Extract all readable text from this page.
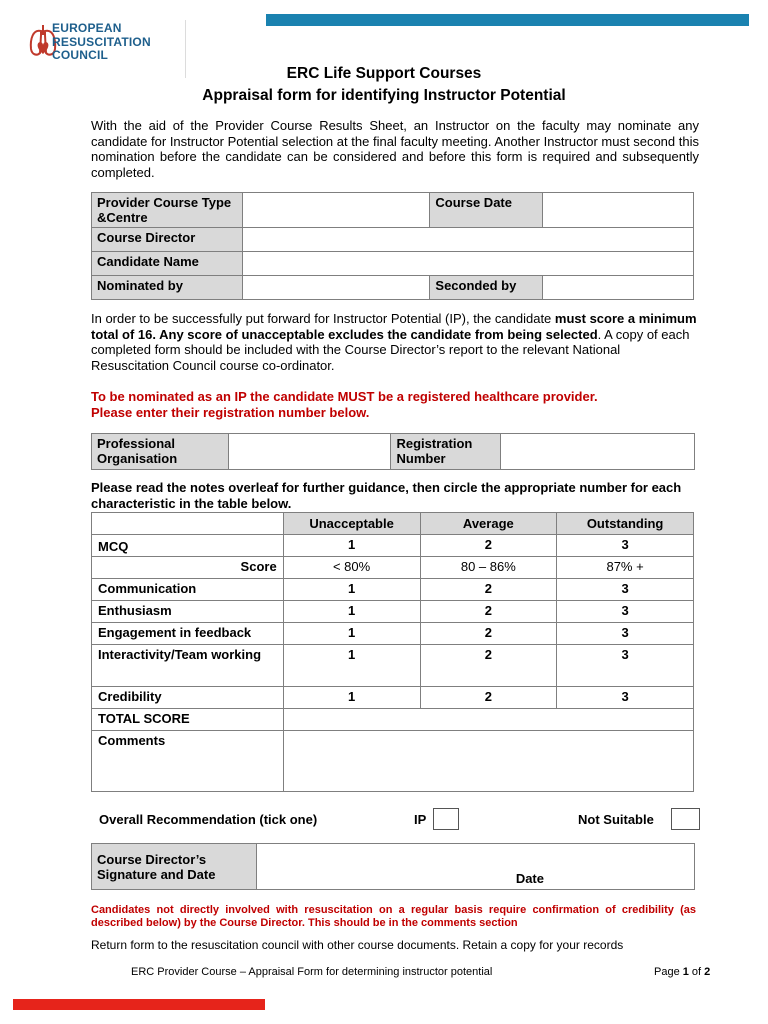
EUROPEAN
RESUSCITATION
COUNCIL
ERC Life Support Courses
Appraisal form for identifying Instructor Potential
With the aid of the Provider Course Results Sheet, an Instructor on the faculty may nominate any candidate for Instructor Potential selection at the final faculty meeting. Another Instructor must second this nomination before the candidate can be considered and before this form is required and subsequently completed.
Provider Course Type &Centre		Course Date	
Course Director			
Candidate Name			
Nominated by		Seconded by	
In order to be successfully put forward for Instructor Potential (IP), the candidate must score a minimum total of 16. Any score of unacceptable excludes the candidate from being selected. A copy of each completed form should be included with the Course Director’s report to the relevant National Resuscitation Council course co-ordinator.
To be nominated as an IP the candidate MUST be a registered healthcare provider.
Please enter their registration number below.
Professional Organisation		Registration Number	
Please read the notes overleaf for further guidance, then circle the appropriate number for each characteristic in the table below.
	Unacceptable	Average	Outstanding
MCQ	1	2	3
Score	< 80%	80 – 86%	87% +
Communication	1	2	3
Enthusiasm	1	2	3
Engagement in feedback	1	2	3
Interactivity/Team working	1	2	3
Credibility	1	2	3
TOTAL SCORE			
Comments			
Overall Recommendation (tick one)	IP	Not Suitable
Course Director’s Signature and Date	Date
Candidates not directly involved with resuscitation on a regular basis require confirmation of credibility (as described below) by the Course Director. This should be in the comments section
Return form to the resuscitation council with other course documents. Retain a copy for your records
ERC Provider Course – Appraisal Form for determining instructor potential	Page 1 of 2
